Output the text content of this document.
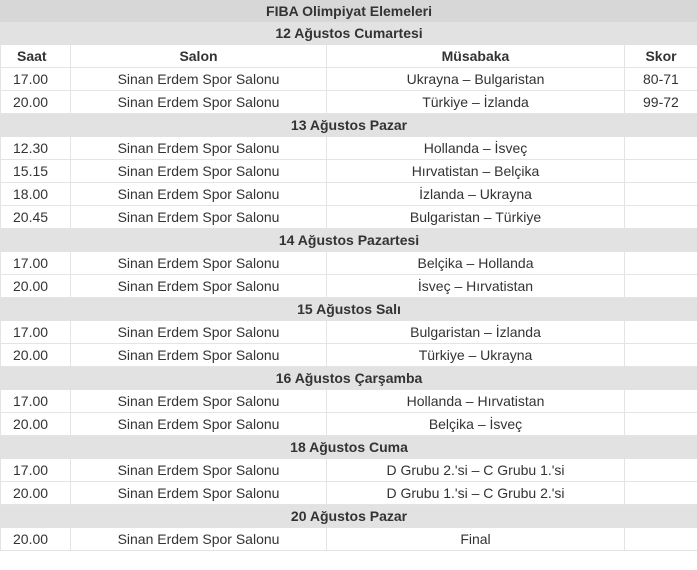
FIBA Olimpiyat Elemeleri			
12 Ağustos Cumartesi			
Saat	Salon	Müsabaka	Skor
17.00	Sinan Erdem Spor Salonu	Ukrayna – Bulgaristan	80-71
20.00	Sinan Erdem Spor Salonu	Türkiye – İzlanda	99-72
13 Ağustos Pazar			
12.30	Sinan Erdem Spor Salonu	Hollanda – İsveç	
15.15	Sinan Erdem Spor Salonu	Hırvatistan – Belçika	
18.00	Sinan Erdem Spor Salonu	İzlanda – Ukrayna	
20.45	Sinan Erdem Spor Salonu	Bulgaristan – Türkiye	
14 Ağustos Pazartesi			
17.00	Sinan Erdem Spor Salonu	Belçika – Hollanda	
20.00	Sinan Erdem Spor Salonu	İsveç – Hırvatistan	
15 Ağustos Salı			
17.00	Sinan Erdem Spor Salonu	Bulgaristan – İzlanda	
20.00	Sinan Erdem Spor Salonu	Türkiye – Ukrayna	
16 Ağustos Çarşamba			
17.00	Sinan Erdem Spor Salonu	Hollanda – Hırvatistan	
20.00	Sinan Erdem Spor Salonu	Belçika – İsveç	
18 Ağustos Cuma			
17.00	Sinan Erdem Spor Salonu	D Grubu 2.'si – C Grubu 1.'si	
20.00	Sinan Erdem Spor Salonu	D Grubu 1.'si – C Grubu 2.'si	
20 Ağustos Pazar			
20.00	Sinan Erdem Spor Salonu	Final	
